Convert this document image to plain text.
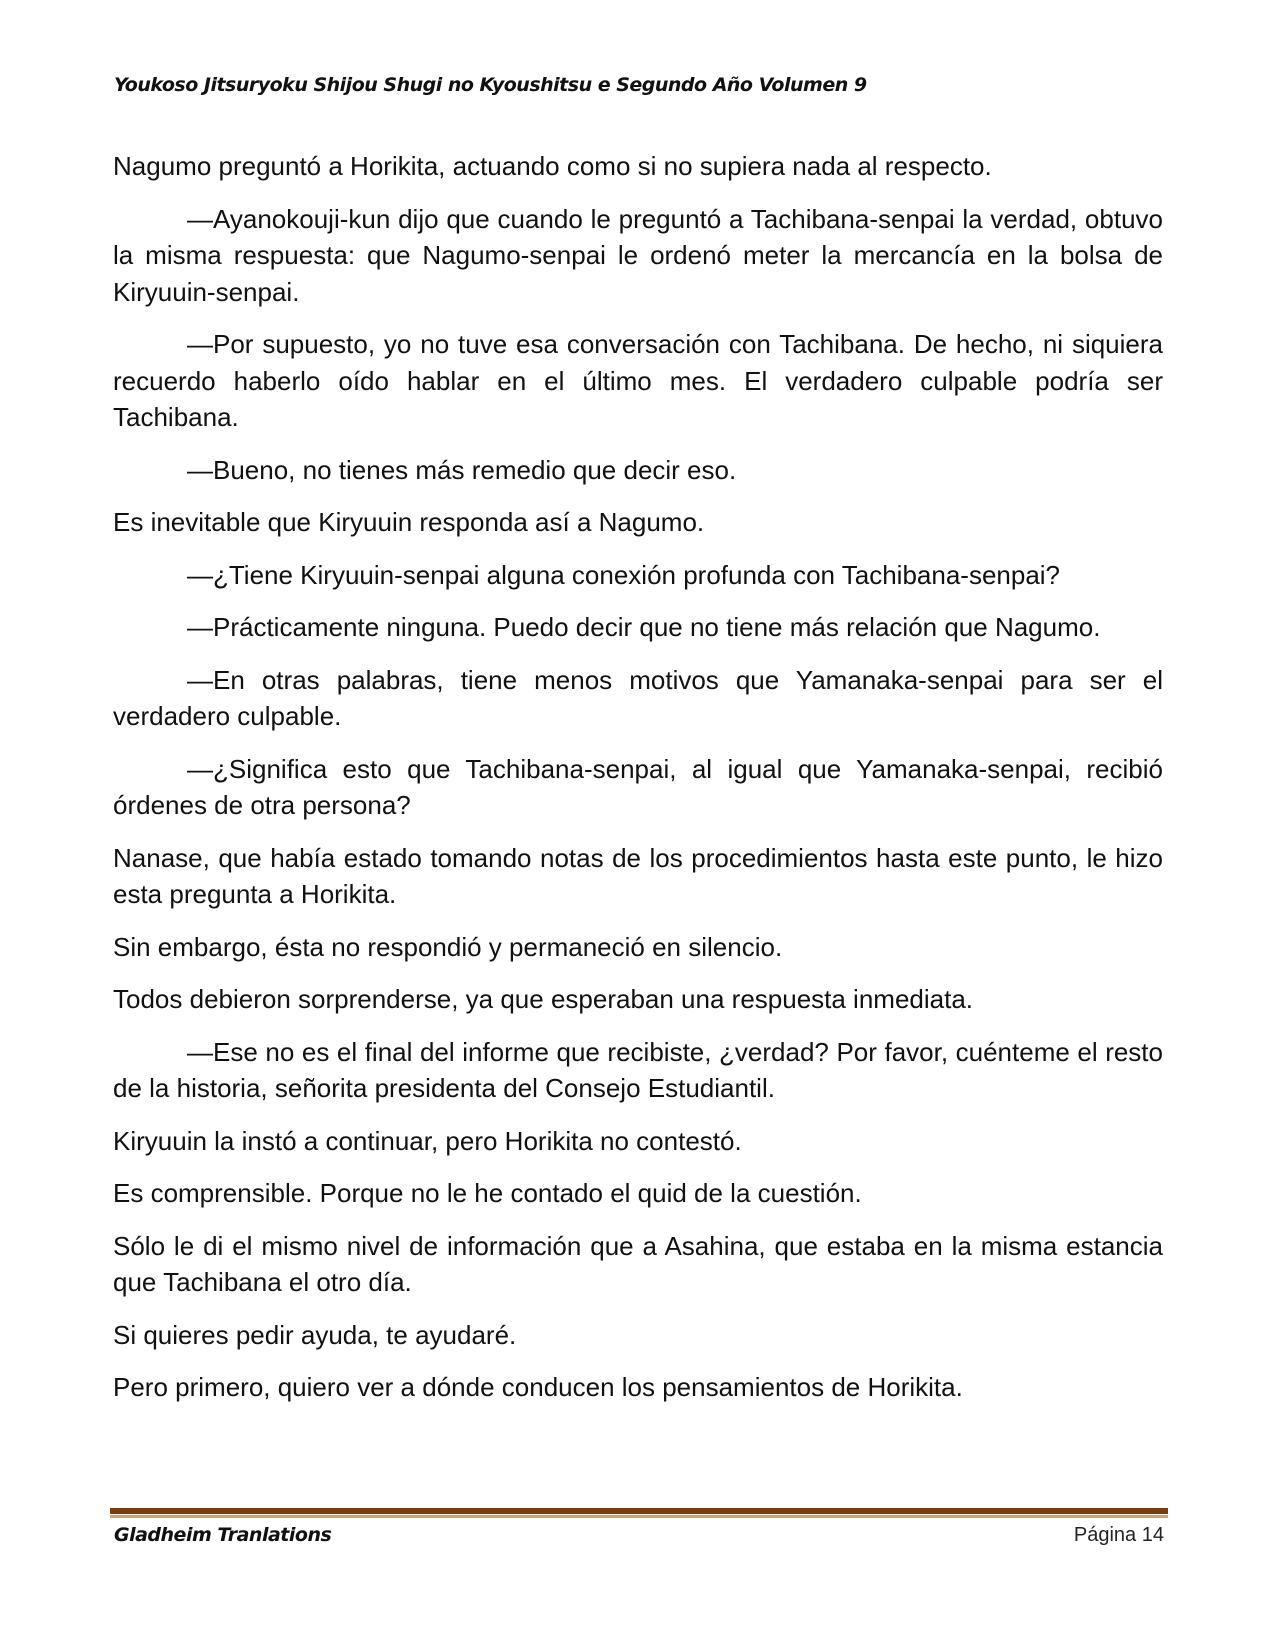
Youkoso Jitsuryoku Shijou Shugi no Kyoushitsu e Segundo Año Volumen 9

Nagumo preguntó a Horikita, actuando como si no supiera nada al respecto.

—Ayanokouji-kun dijo que cuando le preguntó a Tachibana-senpai la verdad, obtuvo la misma respuesta: que Nagumo-senpai le ordenó meter la mercancía en la bolsa de Kiryuuin-senpai.

—Por supuesto, yo no tuve esa conversación con Tachibana. De hecho, ni siquiera recuerdo haberlo oído hablar en el último mes. El verdadero culpable podría ser Tachibana.

—Bueno, no tienes más remedio que decir eso.

Es inevitable que Kiryuuin responda así a Nagumo.

—¿Tiene Kiryuuin-senpai alguna conexión profunda con Tachibana-senpai?

—Prácticamente ninguna. Puedo decir que no tiene más relación que Nagumo.

—En otras palabras, tiene menos motivos que Yamanaka-senpai para ser el verdadero culpable.

—¿Significa esto que Tachibana-senpai, al igual que Yamanaka-senpai, recibió órdenes de otra persona?

Nanase, que había estado tomando notas de los procedimientos hasta este punto, le hizo esta pregunta a Horikita.

Sin embargo, ésta no respondió y permaneció en silencio.

Todos debieron sorprenderse, ya que esperaban una respuesta inmediata.

—Ese no es el final del informe que recibiste, ¿verdad? Por favor, cuénteme el resto de la historia, señorita presidenta del Consejo Estudiantil.

Kiryuuin la instó a continuar, pero Horikita no contestó.

Es comprensible. Porque no le he contado el quid de la cuestión.

Sólo le di el mismo nivel de información que a Asahina, que estaba en la misma estancia que Tachibana el otro día.

Si quieres pedir ayuda, te ayudaré.

Pero primero, quiero ver a dónde conducen los pensamientos de Horikita.

Gladheim Tranlations	Página 14
